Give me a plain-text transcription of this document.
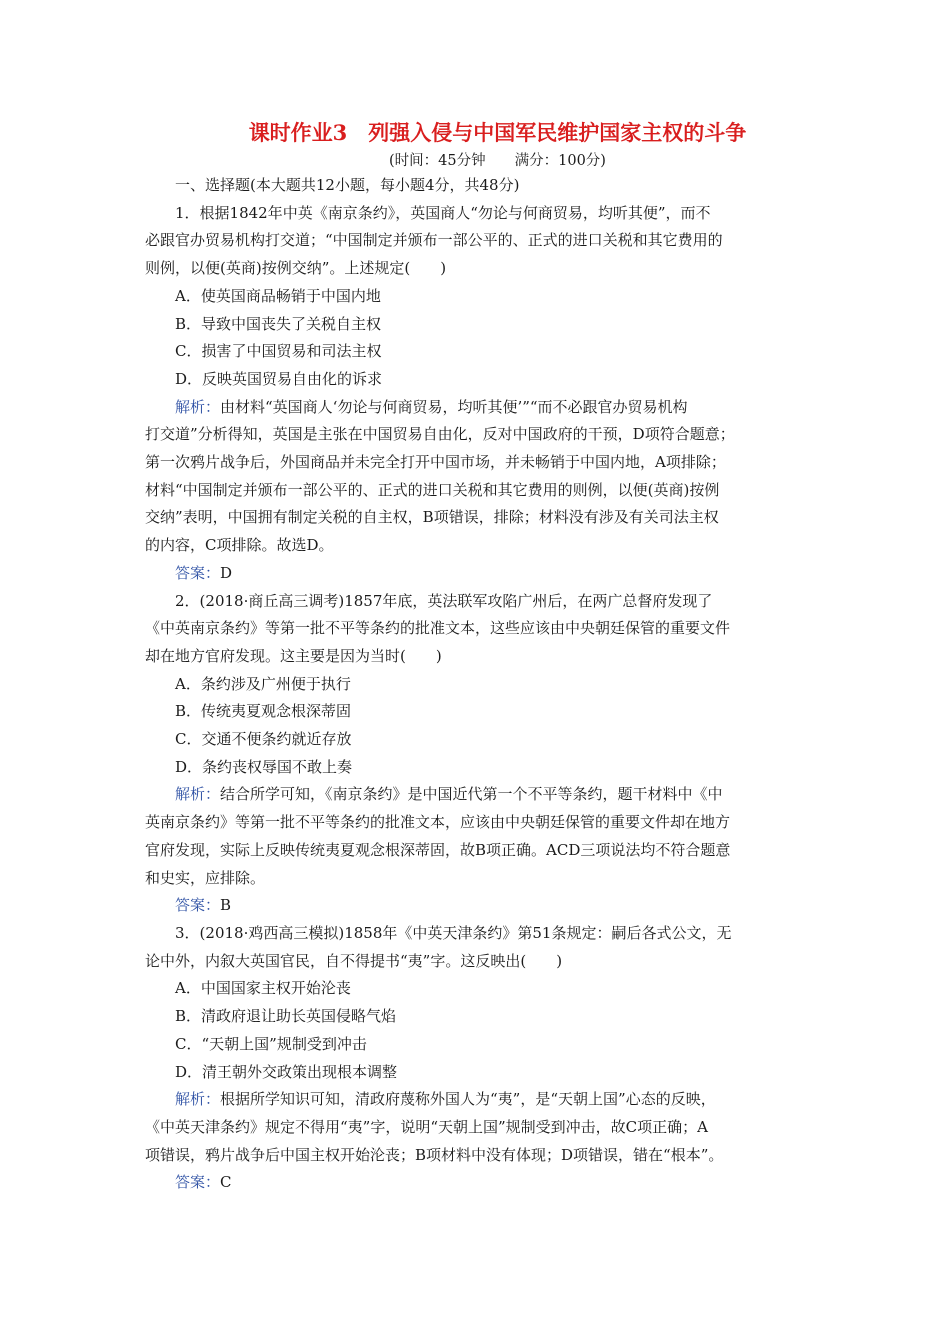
课时作业3　列强入侵与中国军民维护国家主权的斗争

(时间：45分钟　　满分：100分)

一、选择题(本大题共12小题，每小题4分，共48分)

1．根据1842年中英《南京条约》，英国商人“勿论与何商贸易，均听其便”，而不

必跟官办贸易机构打交道；“中国制定并颁布一部公平的、正式的进口关税和其它费用的

则例，以便(英商)按例交纳”。上述规定(　　)

A．使英国商品畅销于中国内地

B．导致中国丧失了关税自主权

C．损害了中国贸易和司法主权

D．反映英国贸易自由化的诉求

解析：由材料“英国商人‘勿论与何商贸易，均听其便’”“而不必跟官办贸易机构

打交道”分析得知，英国是主张在中国贸易自由化，反对中国政府的干预，D项符合题意；

第一次鸦片战争后，外国商品并未完全打开中国市场，并未畅销于中国内地，A项排除；

材料“中国制定并颁布一部公平的、正式的进口关税和其它费用的则例，以便(英商)按例

交纳”表明，中国拥有制定关税的自主权，B项错误，排除；材料没有涉及有关司法主权

的内容，C项排除。故选D。

答案：D

2．(2018·商丘高三调考)1857年底，英法联军攻陷广州后，在两广总督府发现了

《中英南京条约》等第一批不平等条约的批准文本，这些应该由中央朝廷保管的重要文件

却在地方官府发现。这主要是因为当时(　　)

A．条约涉及广州便于执行

B．传统夷夏观念根深蒂固

C．交通不便条约就近存放

D．条约丧权辱国不敢上奏

解析：结合所学可知，《南京条约》是中国近代第一个不平等条约，题干材料中《中

英南京条约》等第一批不平等条约的批准文本，应该由中央朝廷保管的重要文件却在地方

官府发现，实际上反映传统夷夏观念根深蒂固，故B项正确。ACD三项说法均不符合题意

和史实，应排除。

答案：B

3．(2018·鸡西高三模拟)1858年《中英天津条约》第51条规定：嗣后各式公文，无

论中外，内叙大英国官民，自不得提书“夷”字。这反映出(　　)

A．中国国家主权开始沦丧

B．清政府退让助长英国侵略气焰

C．“天朝上国”规制受到冲击

D．清王朝外交政策出现根本调整

解析：根据所学知识可知，清政府蔑称外国人为“夷”，是“天朝上国”心态的反映，

《中英天津条约》规定不得用“夷”字，说明“天朝上国”规制受到冲击，故C项正确；A

项错误，鸦片战争后中国主权开始沦丧；B项材料中没有体现；D项错误，错在“根本”。

答案：C
